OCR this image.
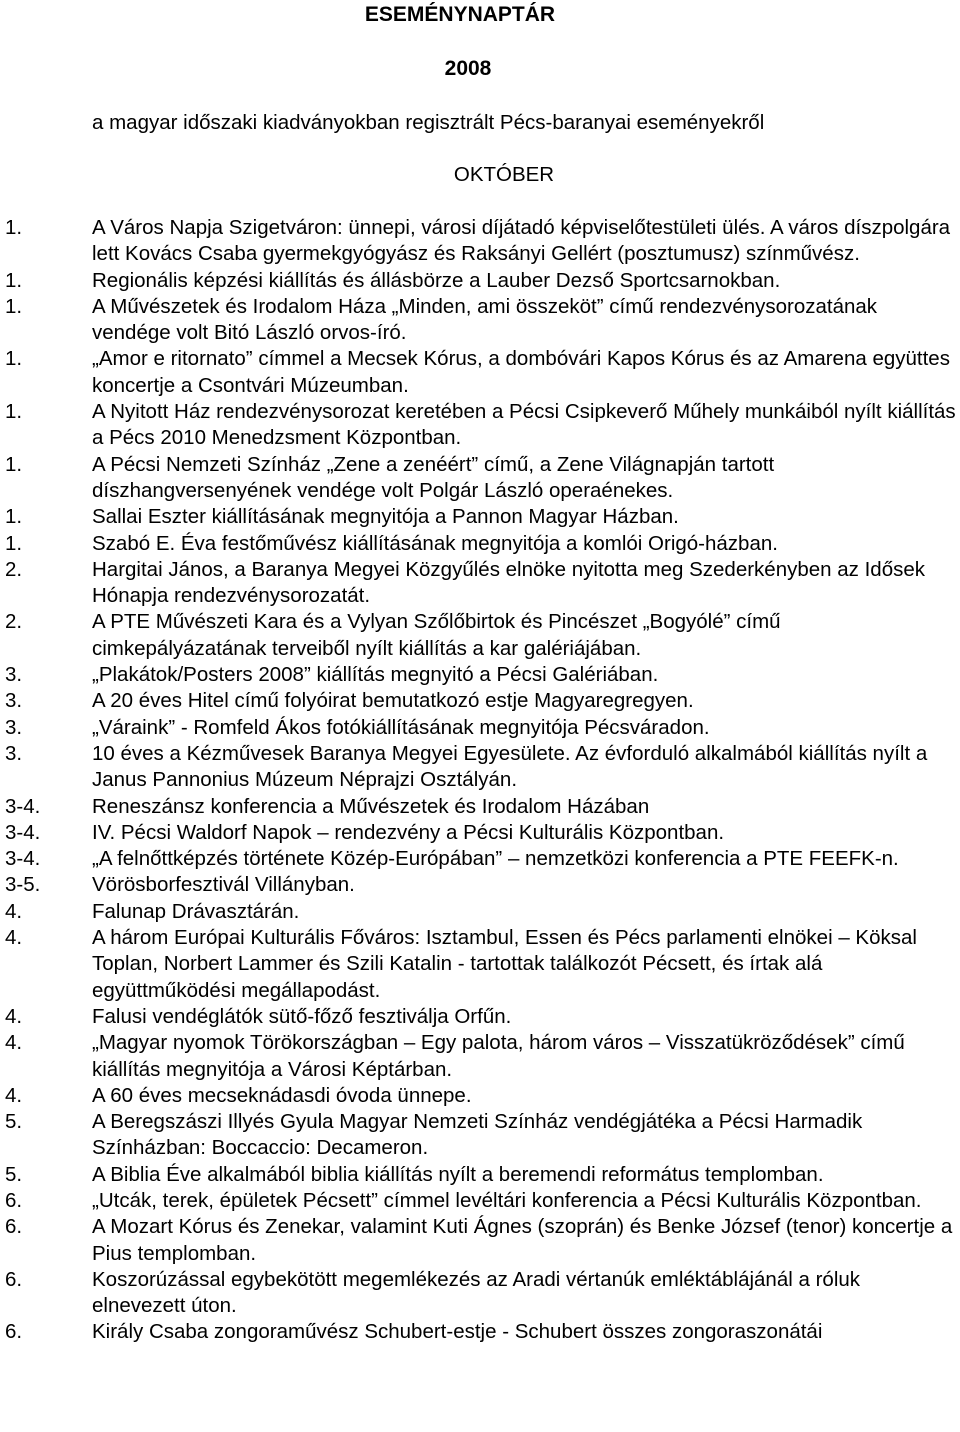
ESEMÉNYNAPTÁR
2008
a magyar időszaki kiadványokban regisztrált Pécs-baranyai eseményekről
OKTÓBER
1.	A Város Napja Szigetváron: ünnepi, városi díjátadó képviselőtestületi ülés. A város díszpolgára lett Kovács Csaba gyermekgyógyász és Raksányi Gellért (posztumusz) színművész.
1.	Regionális képzési kiállítás és állásbörze a Lauber Dezső Sportcsarnokban.
1.	A Művészetek és Irodalom Háza „Minden, ami összeköt” című rendezvénysorozatának vendége volt Bitó László orvos-író.
1.	„Amor e ritornato” címmel a Mecsek Kórus, a dombóvári Kapos Kórus és az Amarena együttes koncertje a Csontvári Múzeumban.
1.	A Nyitott Ház rendezvénysorozat keretében a Pécsi Csipkeverő Műhely munkáiból nyílt kiállítás a Pécs 2010 Menedzsment Központban.
1.	A Pécsi Nemzeti Színház „Zene a zenéért” című, a Zene Világnapján tartott díszhangversenyének vendége volt Polgár László operaénekes.
1.	Sallai Eszter kiállításának megnyitója a Pannon Magyar Házban.
1.	Szabó E. Éva festőművész kiállításának megnyitója a komlói Origó-házban.
2.	Hargitai János, a Baranya Megyei Közgyűlés elnöke nyitotta meg Szederkényben az Idősek Hónapja rendezvénysorozatát.
2.	A PTE Művészeti Kara és a Vylyan Szőlőbirtok és Pincészet „Bogyólé” című cimkepályázatának terveiből nyílt kiállítás a kar galériájában.
3.	„Plakátok/Posters 2008” kiállítás megnyitó a Pécsi Galériában.
3.	A 20 éves Hitel című folyóirat bemutatkozó estje Magyaregregyen.
3.	„Váraink” - Romfeld Ákos fotókiállításának megnyitója Pécsváradon.
3.	10 éves a Kézművesek Baranya Megyei Egyesülete. Az évforduló alkalmából kiállítás nyílt a Janus Pannonius Múzeum Néprajzi Osztályán.
3-4.	Reneszánsz konferencia a Művészetek és Irodalom Házában
3-4.	IV. Pécsi Waldorf Napok – rendezvény a Pécsi Kulturális Központban.
3-4.	„A felnőttképzés története Közép-Európában” – nemzetközi konferencia a PTE FEEFK-n.
3-5.	Vörösborfesztivál Villányban.
4.	Falunap Drávasztárán.
4.	A három Európai Kulturális Főváros: Isztambul, Essen és Pécs parlamenti elnökei – Köksal Toplan, Norbert Lammer és Szili Katalin - tartottak találkozót Pécsett, és írtak alá együttműködési megállapodást.
4.	Falusi vendéglátók sütő-főző fesztiválja Orfűn.
4.	„Magyar nyomok Törökországban – Egy palota, három város – Visszatükröződések” című kiállítás megnyitója a Városi Képtárban.
4.	A 60 éves mecseknádasdi óvoda ünnepe.
5.	A Beregszászi Illyés Gyula Magyar Nemzeti Színház vendégjátéka a Pécsi Harmadik Színházban: Boccaccio: Decameron.
5.	A Biblia Éve alkalmából biblia kiállítás nyílt a beremendi református templomban.
6.	„Utcák, terek, épületek Pécsett” címmel levéltári konferencia a Pécsi Kulturális Központban.
6.	A Mozart Kórus és Zenekar, valamint Kuti Ágnes (szoprán) és Benke József (tenor) koncertje a Pius templomban.
6.	Koszorúzással egybekötött megemlékezés az Aradi vértanúk emléktáblájánál a róluk elnevezett úton.
6.	Király Csaba zongoraművész Schubert-estje - Schubert összes zongoraszonátái
